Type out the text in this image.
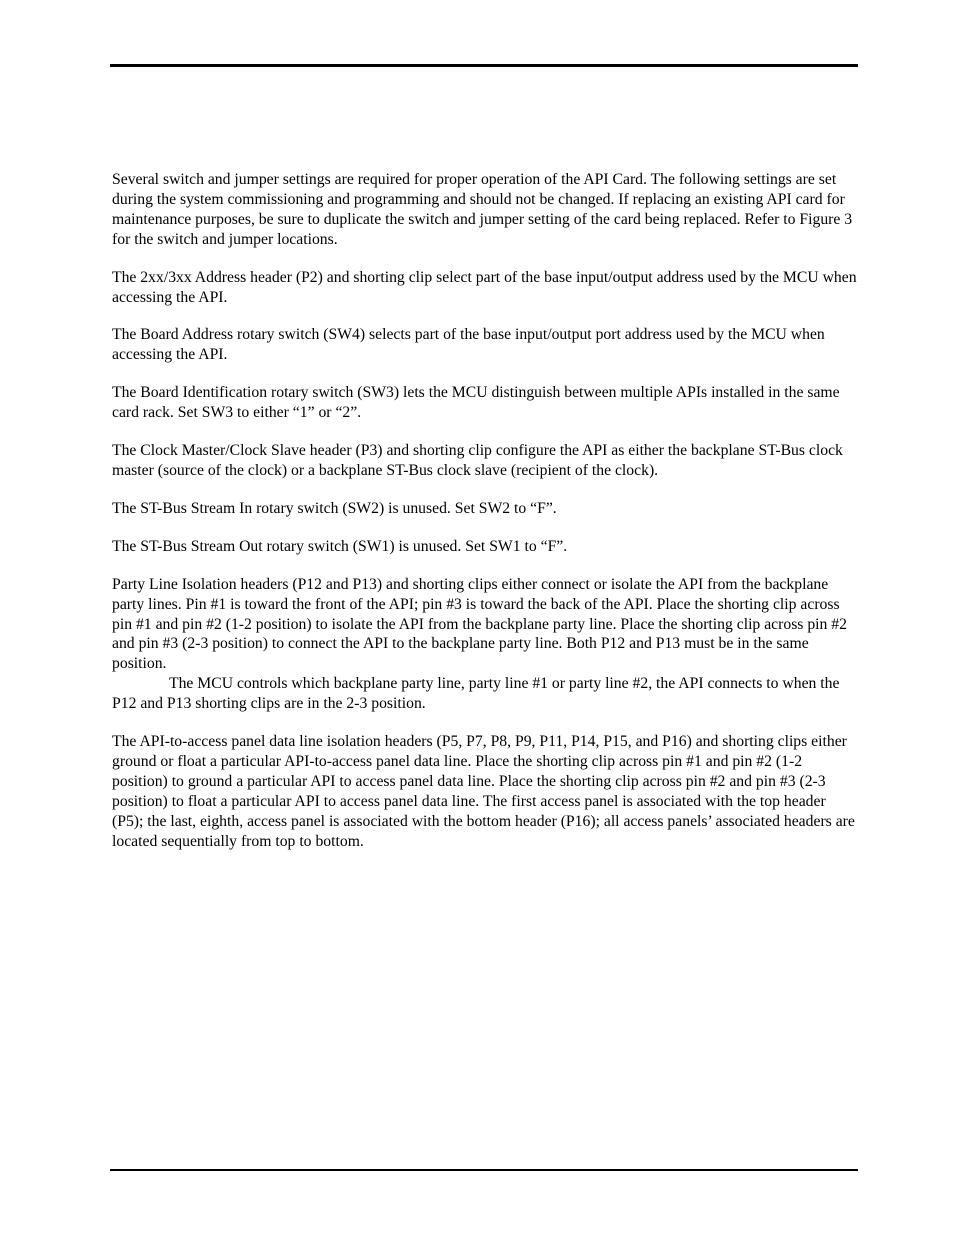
Several switch and jumper settings are required for proper operation of the API Card. The following settings are set during the system commissioning and programming and should not be changed. If replacing an existing API card for maintenance purposes, be sure to duplicate the switch and jumper setting of the card being replaced. Refer to Figure 3 for the switch and jumper locations.

The 2xx/3xx Address header (P2) and shorting clip select part of the base input/output address used by the MCU when accessing the API.

The Board Address rotary switch (SW4) selects part of the base input/output port address used by the MCU when accessing the API.

The Board Identification rotary switch (SW3) lets the MCU distinguish between multiple APIs installed in the same card rack. Set SW3 to either “1” or “2”.

The Clock Master/Clock Slave header (P3) and shorting clip configure the API as either the backplane ST-Bus clock master (source of the clock) or a backplane ST-Bus clock slave (recipient of the clock).

The ST-Bus Stream In rotary switch (SW2) is unused. Set SW2 to “F”.

The ST-Bus Stream Out rotary switch (SW1) is unused. Set SW1 to “F”.

Party Line Isolation headers (P12 and P13) and shorting clips either connect or isolate the API from the backplane party lines. Pin #1 is toward the front of the API; pin #3 is toward the back of the API. Place the shorting clip across pin #1 and pin #2 (1-2 position) to isolate the API from the backplane party line. Place the shorting clip across pin #2 and pin #3 (2-3 position) to connect the API to the backplane party line. Both P12 and P13 must be in the same position.

The MCU controls which backplane party line, party line #1 or party line #2, the API connects to when the P12 and P13 shorting clips are in the 2-3 position.

The API-to-access panel data line isolation headers (P5, P7, P8, P9, P11, P14, P15, and P16) and shorting clips either ground or float a particular API-to-access panel data line. Place the shorting clip across pin #1 and pin #2 (1-2 position) to ground a particular API to access panel data line. Place the shorting clip across pin #2 and pin #3 (2-3 position) to float a particular API to access panel data line. The first access panel is associated with the top header (P5); the last, eighth, access panel is associated with the bottom header (P16); all access panels’ associated headers are located sequentially from top to bottom.
